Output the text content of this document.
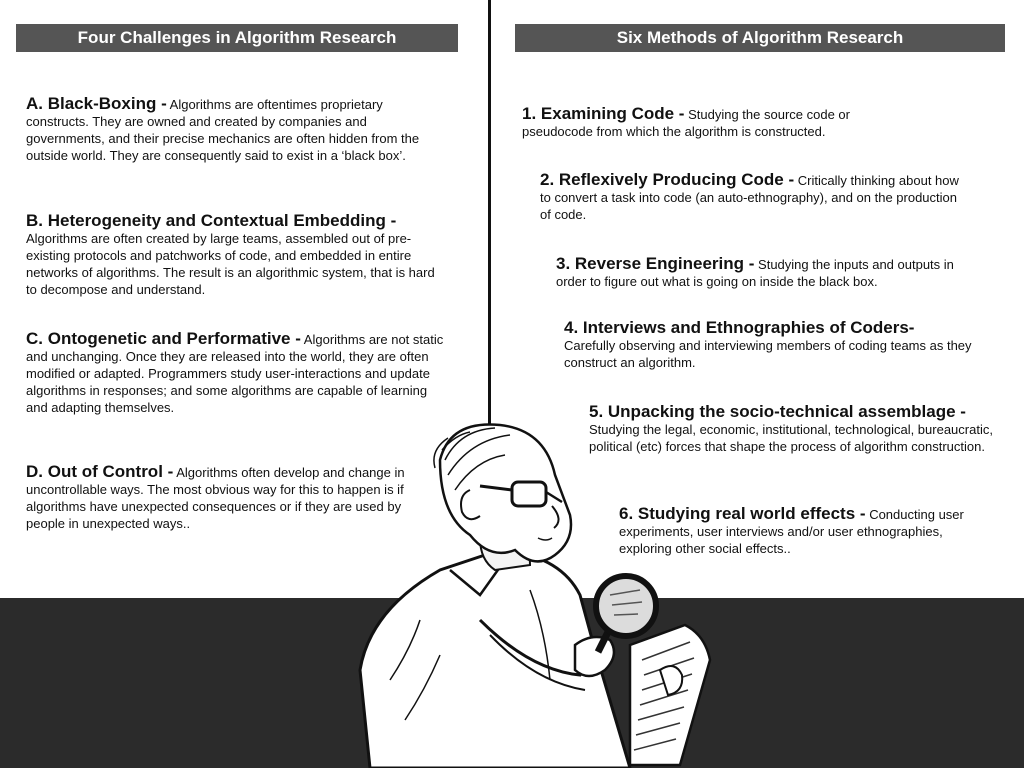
Four Challenges in Algorithm Research	Six Methods of Algorithm Research
A. Black-Boxing - Algorithms are oftentimes proprietary constructs. They are owned and created by companies and governments, and their precise mechanics are often hidden from the outside world. They are consequently said to exist in a ‘black box’.
B. Heterogeneity and Contextual Embedding -
Algorithms are often created by large teams, assembled out of pre-existing protocols and patchworks of code, and embedded in entire networks of algorithms. The result is an algorithmic system, that is hard to decompose and understand.
C. Ontogenetic and Performative - Algorithms are not static and unchanging. Once they are released into the world, they are often modified or adapted. Programmers study user-interactions and update algorithms in responses; and some algorithms are capable of learning and adapting themselves.
D. Out of Control - Algorithms often develop and change in uncontrollable ways. The most obvious way for this to happen is if algorithms have unexpected consequences or if they are used by people in unexpected ways..
1. Examining Code - Studying the source code or pseudocode from which the algorithm is constructed.
2. Reflexively Producing Code - Critically thinking about how to convert a task into code (an auto-ethnography), and on the production of code.
3. Reverse Engineering - Studying the inputs and outputs in order to figure out what is going on inside the black box.
4. Interviews and Ethnographies of Coders-
Carefully observing and interviewing members of coding teams as they construct an algorithm.
5. Unpacking the socio-technical assemblage -
Studying the legal, economic, institutional, technological, bureaucratic, political (etc) forces that shape the process of algorithm construction.
6. Studying real world effects - Conducting user experiments, user interviews and/or user ethnographies, exploring other social effects..
